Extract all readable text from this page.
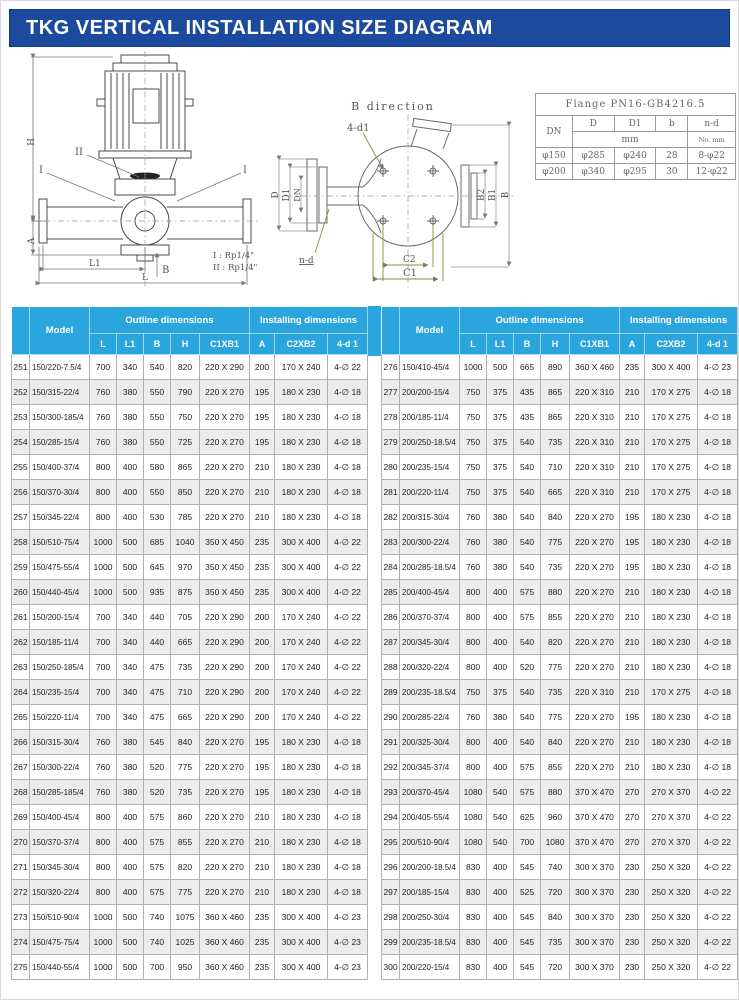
TKG VERTICAL INSTALLATION SIZE DIAGRAM
H
A
L1
L
B
I	I
II
B direction
4-d1
D D1 DN
n-d	C2
C1
B2 B1 B
I : Rp1/4"
II : Rp1/4"
Flange PN16-GB4216.5				
DN	D	D1	b	n-d
	mm			No. mm
φ150	φ285	φ240	28	8-φ22
φ200	φ340	φ295	30	12-φ22
	Model	Outline dimensions					Installing dimensions		
		L	L1	B	H	C1XB1	A	C2XB2	4-d 1
251	150/220-7.5/4	700	340	540	820	220 X 290	200	170 X 240	4-∅ 22
252	150/315-22/4	760	380	550	790	220 X 270	195	180 X 230	4-∅ 18
253	150/300-185/4	760	380	550	750	220 X 270	195	180 X 230	4-∅ 18
254	150/285-15/4	760	380	550	725	220 X 270	195	180 X 230	4-∅ 18
255	150/400-37/4	800	400	580	865	220 X 270	210	180 X 230	4-∅ 18
256	150/370-30/4	800	400	550	850	220 X 270	210	180 X 230	4-∅ 18
257	150/345-22/4	800	400	530	785	220 X 270	210	180 X 230	4-∅ 18
258	150/510-75/4	1000	500	685	1040	350 X 450	235	300 X 400	4-∅ 22
259	150/475-55/4	1000	500	645	970	350 X 450	235	300 X 400	4-∅ 22
260	150/440-45/4	1000	500	935	875	350 X 450	235	300 X 400	4-∅ 22
261	150/200-15/4	700	340	440	705	220 X 290	200	170 X 240	4-∅ 22
262	150/185-11/4	700	340	440	665	220 X 290	200	170 X 240	4-∅ 22
263	150/250-185/4	700	340	475	735	220 X 290	200	170 X 240	4-∅ 22
264	150/235-15/4	700	340	475	710	220 X 290	200	170 X 240	4-∅ 22
265	150/220-11/4	700	340	475	665	220 X 290	200	170 X 240	4-∅ 22
266	150/315-30/4	760	380	545	840	220 X 270	195	180 X 230	4-∅ 18
267	150/300-22/4	760	380	520	775	220 X 270	195	180 X 230	4-∅ 18
268	150/285-185/4	760	380	520	735	220 X 270	195	180 X 230	4-∅ 18
269	150/400-45/4	800	400	575	860	220 X 270	210	180 X 230	4-∅ 18
270	150/370-37/4	800	400	575	855	220 X 270	210	180 X 230	4-∅ 18
271	150/345-30/4	800	400	575	820	220 X 270	210	180 X 230	4-∅ 18
272	150/320-22/4	800	400	575	775	220 X 270	210	180 X 230	4-∅ 18
273	150/510-90/4	1000	500	740	1075	360 X 460	235	300 X 400	4-∅ 23
274	150/475-75/4	1000	500	740	1025	360 X 460	235	300 X 400	4-∅ 23
275	150/440-55/4	1000	500	700	950	360 X 460	235	300 X 400	4-∅ 23
	Model	Outline dimensions					Installing dimensions		
		L	L1	B	H	C1XB1	A	C2XB2	4-d 1
276	150/410-45/4	1000	500	665	890	360 X 460	235	300 X 400	4-∅ 23
277	200/200-15/4	750	375	435	865	220 X 310	210	170 X 275	4-∅ 18
278	200/185-11/4	750	375	435	865	220 X 310	210	170 X 275	4-∅ 18
279	200/250-18.5/4	750	375	540	735	220 X 310	210	170 X 275	4-∅ 18
280	200/235-15/4	750	375	540	710	220 X 310	210	170 X 275	4-∅ 18
281	200/220-11/4	750	375	540	665	220 X 310	210	170 X 275	4-∅ 18
282	200/315-30/4	760	380	540	840	220 X 270	195	180 X 230	4-∅ 18
283	200/300-22/4	760	380	540	775	220 X 270	195	180 X 230	4-∅ 18
284	200/285-18.5/4	760	380	540	735	220 X 270	195	180 X 230	4-∅ 18
285	200/400-45/4	800	400	575	880	220 X 270	210	180 X 230	4-∅ 18
286	200/370-37/4	800	400	575	855	220 X 270	210	180 X 230	4-∅ 18
287	200/345-30/4	800	400	540	820	220 X 270	210	180 X 230	4-∅ 18
288	200/320-22/4	800	400	520	775	220 X 270	210	180 X 230	4-∅ 18
289	200/235-18.5/4	750	375	540	735	220 X 310	210	170 X 275	4-∅ 18
290	200/285-22/4	760	380	540	775	220 X 270	195	180 X 230	4-∅ 18
291	200/325-30/4	800	400	540	840	220 X 270	210	180 X 230	4-∅ 18
292	200/345-37/4	800	400	575	855	220 X 270	210	180 X 230	4-∅ 18
293	200/370-45/4	1080	540	575	880	370 X 470	270	270 X 370	4-∅ 22
294	200/405-55/4	1080	540	625	960	370 X 470	270	270 X 370	4-∅ 22
295	200/510-90/4	1080	540	700	1080	370 X 470	270	270 X 370	4-∅ 22
296	200/200-18.5/4	830	400	545	740	300 X 370	230	250 X 320	4-∅ 22
297	200/185-15/4	830	400	525	720	300 X 370	230	250 X 320	4-∅ 22
298	200/250-30/4	830	400	545	840	300 X 370	230	250 X 320	4-∅ 22
299	200/235-18.5/4	830	400	545	735	300 X 370	230	250 X 320	4-∅ 22
300	200/220-15/4	830	400	545	720	300 X 370	230	250 X 320	4-∅ 22
